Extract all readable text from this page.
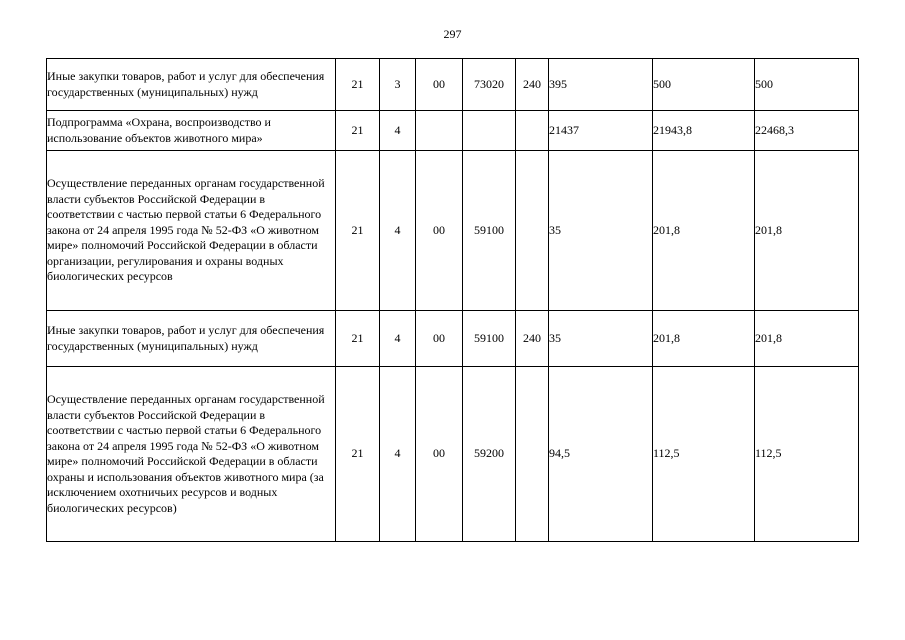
297
Иные закупки товаров, работ и услуг для обеспечения государственных (муниципальных) нужд	21	3	00	73020	240	395	500	500
Подпрограмма «Охрана, воспроизводство и использование объектов животного мира»	21	4				21437	21943,8	22468,3
Осуществление переданных органам государственной власти субъектов Российской Федерации в соответствии с частью первой статьи 6 Федерального закона от 24 апреля 1995 года № 52-ФЗ «О животном мире» полномочий Российской Федерации в области организации, регулирования и охраны водных биологических ресурсов	21	4	00	59100		35	201,8	201,8
Иные закупки товаров, работ и услуг для обеспечения государственных (муниципальных) нужд	21	4	00	59100	240	35	201,8	201,8
Осуществление переданных органам государственной власти субъектов Российской Федерации в соответствии с частью первой статьи 6 Федерального закона от 24 апреля 1995 года № 52-ФЗ «О животном мире» полномочий Российской Федерации в области охраны и использования объектов животного мира (за исключением охотничьих ресурсов и водных биологических ресурсов)	21	4	00	59200		94,5	112,5	112,5
